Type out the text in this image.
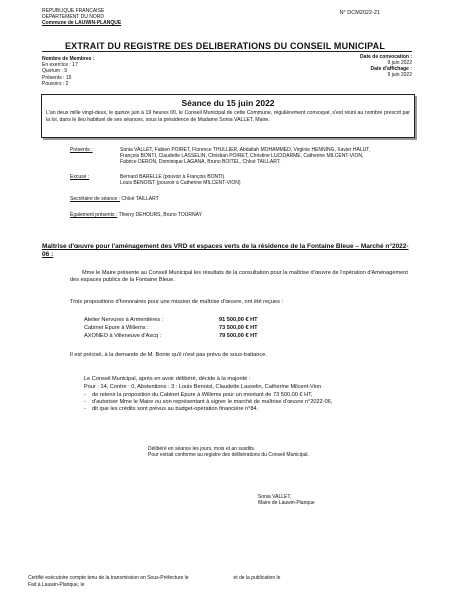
REPUBLIQUE FRANCAISE
DEPARTEMENT DU NORD
Commune de LAUWIN-PLANQUE
N° DCM2022-21
EXTRAIT DU REGISTRE DES DELIBERATIONS DU CONSEIL MUNICIPAL
Nombre de Membres :
En exercice : 17
Quorum : 9
Présents : 15
Pouvoirs : 2
Date de convocation :
9 juin 2022
Date d'affichage :
9 juin 2022
Séance du 15 juin 2022
L'an deux mille vingt-deux, le quinze juin à 19 heures 00, le Conseil Municipal de cette Commune, régulièrement convoqué, s'est réuni au nombre prescrit par la loi, dans le lieu habituel de ses séances, sous la présidence de Madame Sonia VALLET, Maire.
Présents :	Sonia VALLET, Fabien POIRET, Florence THULLIER, Abdallah MOHAMMED, Virginie HENNING, Xavier HALUT,
François BONTI, Claudette LASSELIN, Christian POIRET, Christine LUCIDARME, Catherine MILCENT-VION,
Fabrice DERON, Dominique LAGANA, Bruno BOITEL, Chloé TAILLART.
Excusé :	Bernard BARELLE (pouvoir à François BONTI)
Louis BENOIST (pouvoir à Catherine MILCENT-VION)
Secrétaire de séance : Chloé TAILLART
Également présents : Thierry DEHOURS, Bruno TOURNAY
Maîtrise d'œuvre pour l'aménagement des VRD et espaces verts de la résidence de la Fontaine Bleue – Marché n°2022-06 :
Mme le Maire présente au Conseil Municipal les résultats de la consultation pour la maîtrise d'œuvre de l'opération d'Aménagement des espaces publics de la Fontaine Bleue.
Trois propositions d'honoraires pour une mission de maîtrise d'œuvre, ont été reçues :
Atelier Nervures à Armentières :	91 500,00 € HT
Cabinet Epure à Willems :	73 500,00 € HT
AXONEO à Villeneuve d'Ascq :	79 500,00 € HT
Il est précisé, à la demande de M. Bonte qu'il n'est pas prévu de sous-traitance.
Le Conseil Municipal, après en avoir délibéré, décide à la majorité :
Pour : 14, Contre : 0, Abstentions : 3 : Louis Benoist, Claudette Lasselin, Catherine Milcent-Vion
- de retenir la proposition du Cabinet Epure à Willems pour un montant de 73 500,00 € HT,
- d'autoriser Mme le Maire ou son représentant à signer le marché de maîtrise d'œuvre n°2022-06,
- dit que les crédits sont prévus au budget-opération financière n°84.
Délibéré en séance les jours, mois et an susdits.
Pour extrait conforme au registre des délibérations du Conseil Municipal.
Sonia VALLET,
Maire de Lauwin-Planque
Certifié exécutoire compte tenu de la transmission en Sous-Préfecture le	et de la publication le
Fait à Lauwin-Planque, le
